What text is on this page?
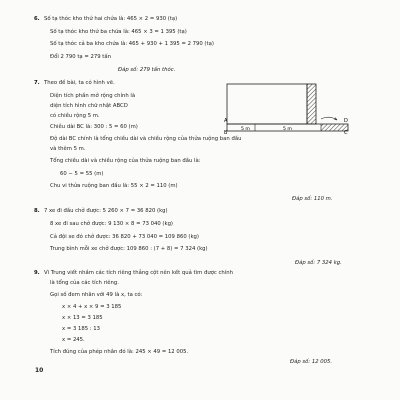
6. Số tạ thóc kho thứ hai chứa là: 465 × 2 = 930 (tạ)
Số tạ thóc kho thứ ba chứa là: 465 × 3 = 1 395 (tạ)
Số tạ thóc cả ba kho chứa là: 465 + 930 + 1 395 = 2 790 (tạ)
Đổi 2 790 tạ = 279 tấn
Đáp số: 279 tấn thóc.
7. Theo đề bài, ta có hình vẽ.
Diện tích phần mở rộng chính là
diện tích hình chữ nhật ABCD
có chiều rộng 5 m.
Chiều dài BC là: 300 : 5 = 60 (m)
Độ dài BC chính là tổng chiều dài và chiều rộng của thửa ruộng ban đầu
và thêm 5 m.
Tổng chiều dài và chiều rộng của thửa ruộng ban đầu là:
60 − 5 = 55 (m)
Chu vi thửa ruộng ban đầu là: 55 × 2 = 110 (m)
Đáp số: 110 m.
A
B
D
C
5 m	5 m
8. 7 xe đi đầu chở được: 5 260 × 7 = 36 820 (kg)
8 xe đi sau chở được: 9 130 × 8 = 73 040 (kg)
Cả đội xe đó chở được: 36 820 + 73 040 = 109 860 (kg)
Trung bình mỗi xe chở được: 109 860 : (7 + 8) = 7 324 (kg)
Đáp số: 7 324 kg.
9. Vì Trung viết nhầm các tích riêng thẳng cột nên kết quả tìm được chính
là tổng của các tích riêng.
Gọi số đem nhân với 49 là x, ta có:
x × 4 + x × 9 = 3 185
x × 13 = 3 185
x = 3 185 : 13
x = 245.
Tích đúng của phép nhân đó là: 245 × 49 = 12 005.
Đáp số: 12 005.
10
